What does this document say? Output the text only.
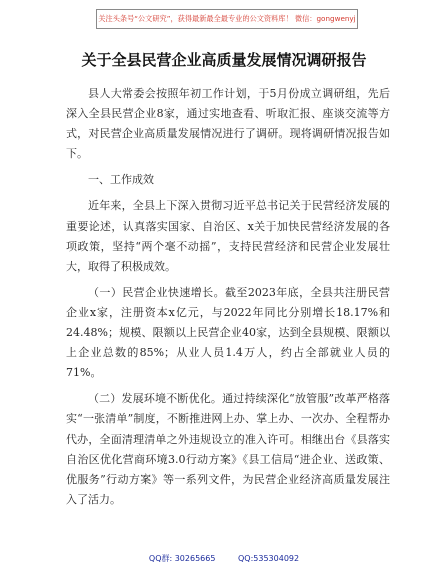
关注头条号“公文研究”，获得最新最全最专业的公文资料库！ 微信：gongwenyj
关于全县民营企业高质量发展情况调研报告

县人大常委会按照年初工作计划，于5月份成立调研组，先后深入全县民营企业8家，通过实地查看、听取汇报、座谈交流等方式，对民营企业高质量发展情况进行了调研。现将调研情况报告如下。

一、工作成效

近年来，全县上下深入贯彻习近平总书记关于民营经济发展的重要论述，认真落实国家、自治区、x关于加快民营经济发展的各项政策，坚持“两个毫不动摇”，支持民营经济和民营企业发展壮大，取得了积极成效。

（一）民营企业快速增长。截至2023年底，全县共注册民营企业x家，注册资本x亿元，与2022年同比分别增长18.17%和24.48%；规模、限额以上民营企业40家，达到全县规模、限额以上企业总数的85%；从业人员1.4万人，约占全部就业人员的71%。

（二）发展环境不断优化。通过持续深化“放管服”改革严格落实“一张清单”制度，不断推进网上办、掌上办、一次办、全程帮办代办，全面清理清单之外违规设立的准入许可。相继出台《县落实自治区优化营商环境3.0行动方案》《县工信局“进企业、送政策、优服务”行动方案》等一系列文件，为民营企业经济高质量发展注入了活力。

QQ群: 30265665	QQ:535304092
